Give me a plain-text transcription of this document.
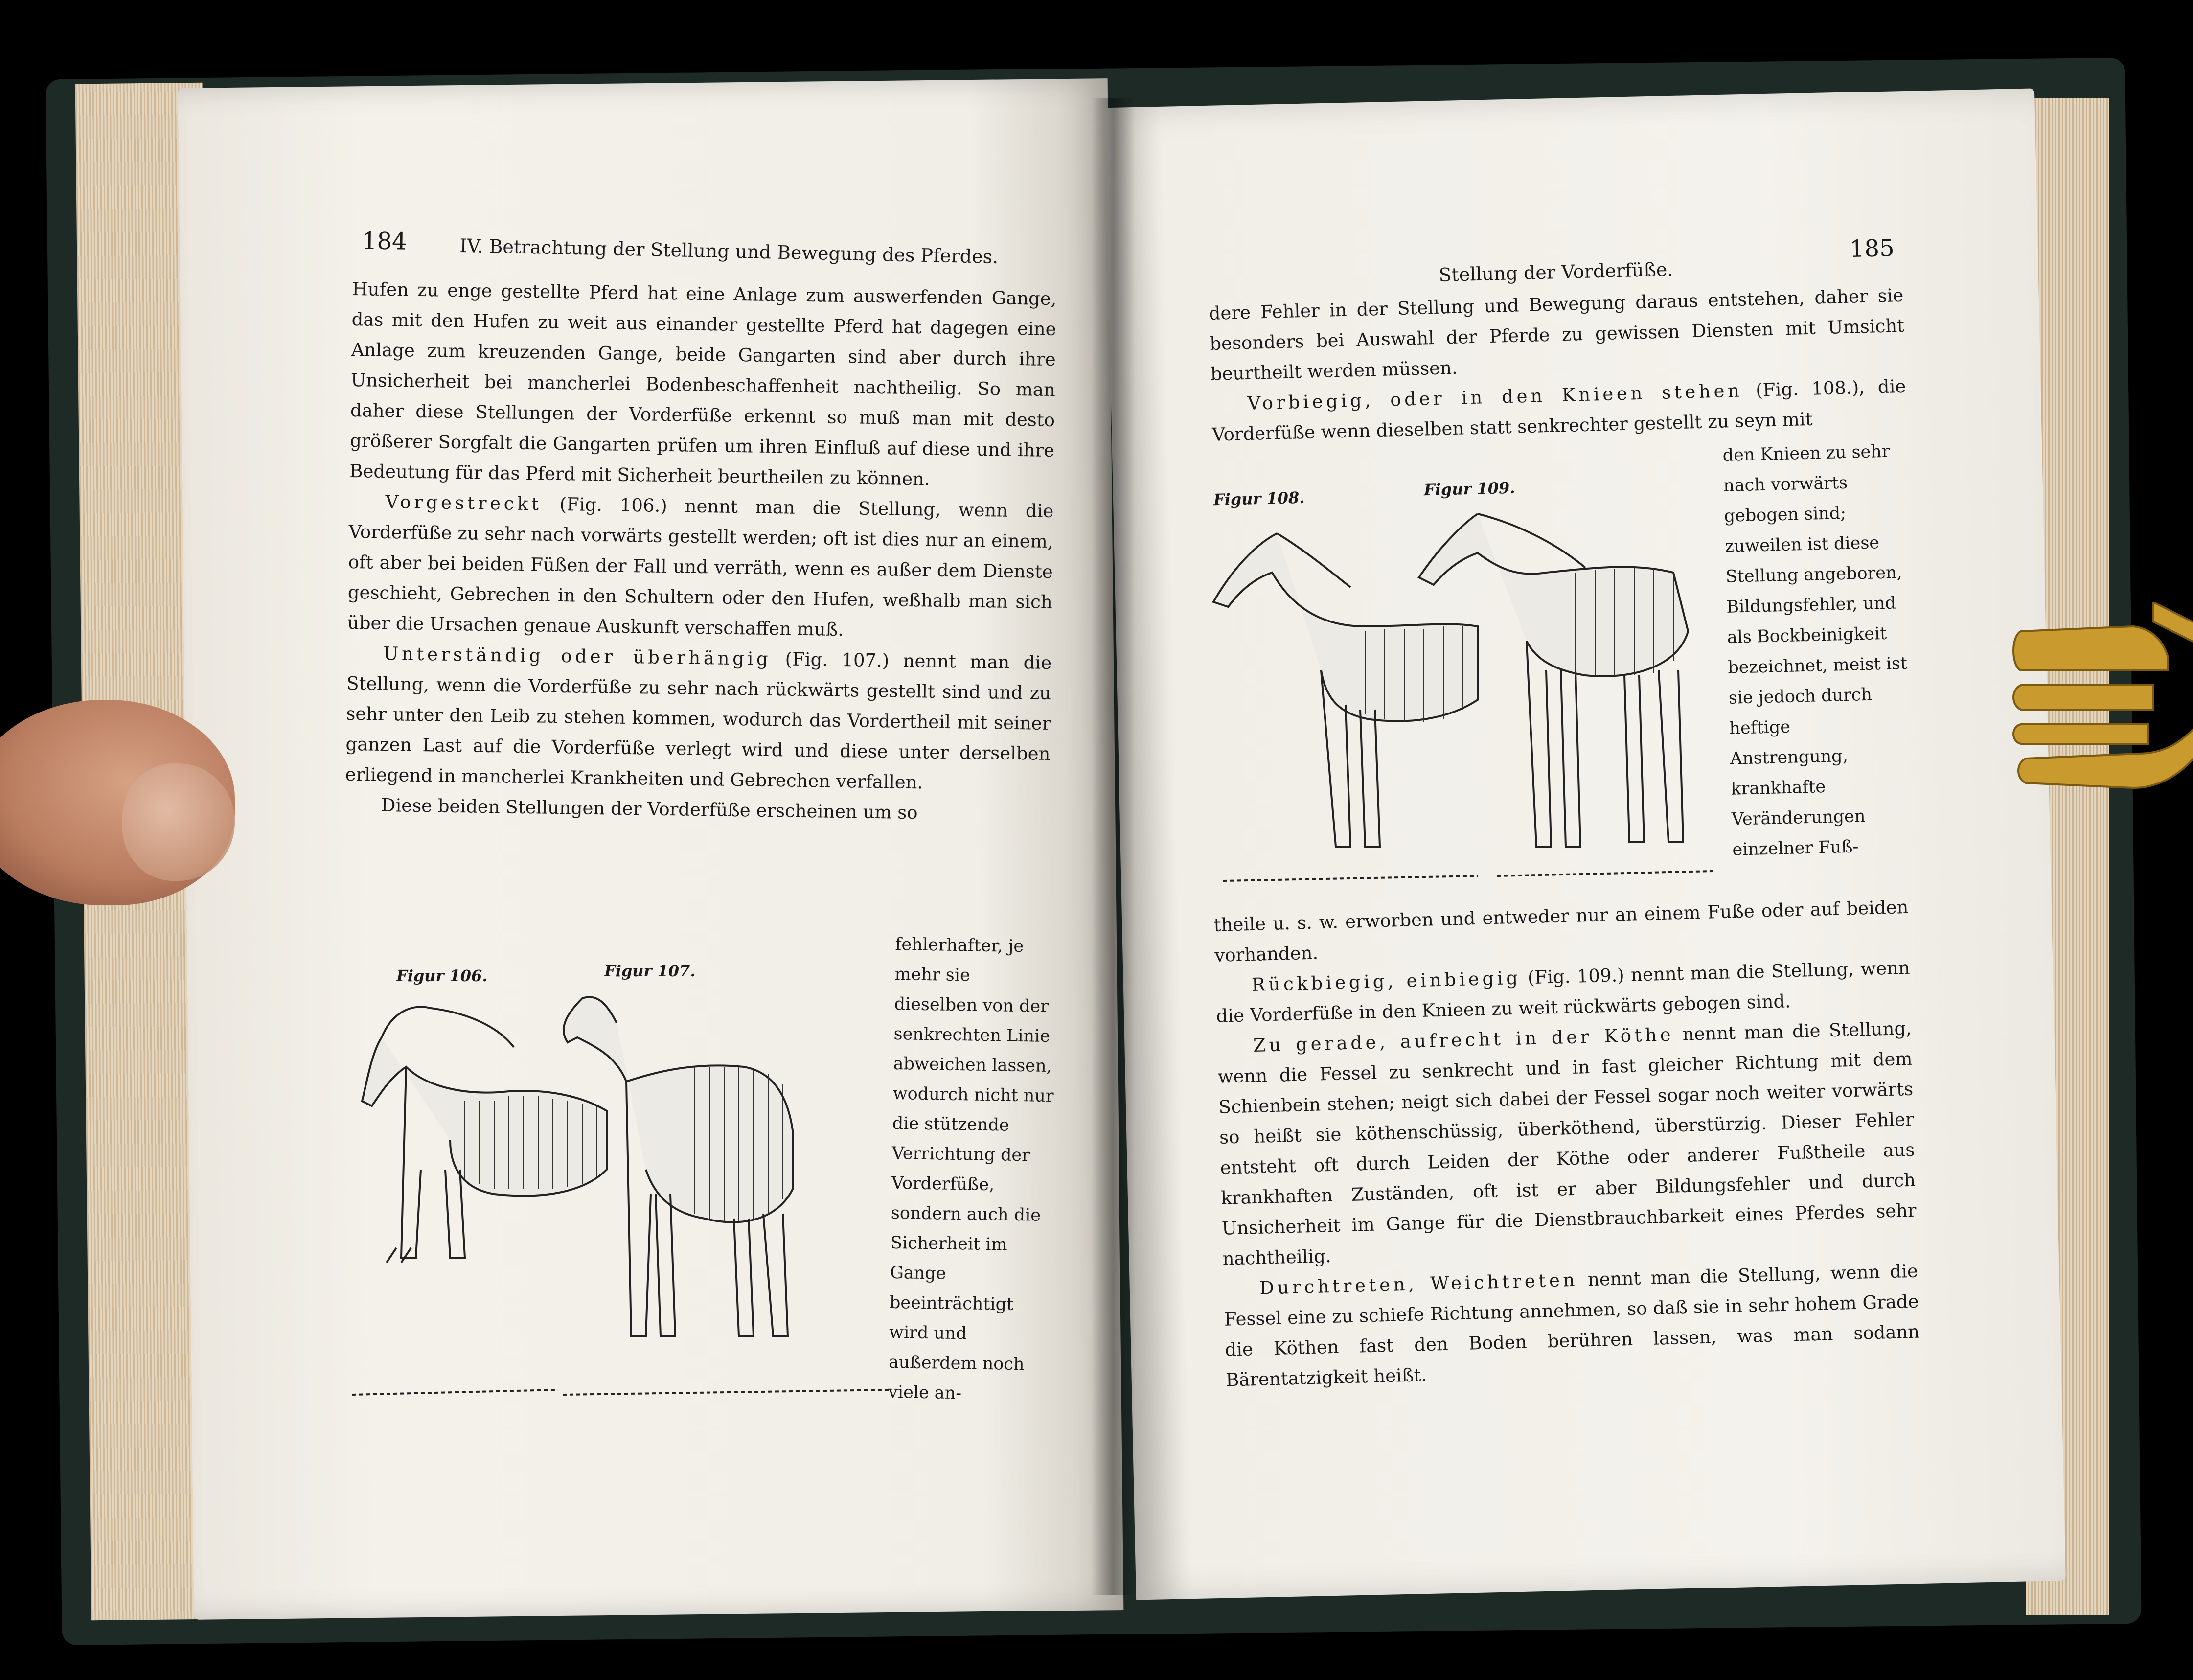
184	IV. Betrachtung der Stellung und Bewegung des Pferdes.

Hufen zu enge gestellte Pferd hat eine Anlage zum auswerfenden Gange, das mit den Hufen zu weit aus einander gestellte Pferd hat dagegen eine Anlage zum kreuzenden Gange, beide Gangarten sind aber durch ihre Unsicherheit bei mancherlei Bodenbeschaffenheit nachtheilig. So man daher diese Stellungen der Vorderfüße erkennt so muß man mit desto größerer Sorgfalt die Gangarten prüfen um ihren Einfluß auf diese und ihre Bedeutung für das Pferd mit Sicherheit beurtheilen zu können.

Vorgestreckt (Fig. 106.) nennt man die Stellung, wenn die Vorderfüße zu sehr nach vorwärts gestellt werden; oft ist dies nur an einem, oft aber bei beiden Füßen der Fall und verräth, wenn es außer dem Dienste geschieht, Gebrechen in den Schultern oder den Hufen, weßhalb man sich über die Ursachen genaue Auskunft verschaffen muß.

Unterständig oder überhängig (Fig. 107.) nennt man die Stellung, wenn die Vorderfüße zu sehr nach rückwärts gestellt sind und zu sehr unter den Leib zu stehen kommen, wodurch das Vordertheil mit seiner ganzen Last auf die Vorderfüße verlegt wird und diese unter derselben erliegend in mancherlei Krankheiten und Gebrechen verfallen.

Diese beiden Stellungen der Vorderfüße erscheinen um so

Figur 106.	Figur 107.
fehlerhafter, je mehr sie dieselben von der senkrechten Linie abweichen lassen, wodurch nicht nur die stützende Verrichtung der Vorderfüße, sondern auch die Sicherheit im Gange beeinträchtigt wird und außerdem noch viele an-
Stellung der Vorderfüße.
185

dere Fehler in der Stellung und Bewegung daraus entstehen, daher sie besonders bei Auswahl der Pferde zu gewissen Diensten mit Umsicht beurtheilt werden müssen.

Vorbiegig, oder in den Knieen stehen (Fig. 108.), die Vorderfüße wenn dieselben statt senkrechter gestellt zu seyn mit

Figur 108.	Figur 109.
den Knieen zu sehr nach vorwärts gebogen sind; zuweilen ist diese Stellung angeboren, Bildungsfehler, und als Bockbeinigkeit bezeichnet, meist ist sie jedoch durch heftige Anstrengung, krankhafte Veränderungen einzelner Fuß-

theile u. s. w. erworben und entweder nur an einem Fuße oder auf beiden vorhanden.

Rückbiegig, einbiegig (Fig. 109.) nennt man die Stellung, wenn die Vorderfüße in den Knieen zu weit rückwärts gebogen sind.

Zu gerade, aufrecht in der Köthe nennt man die Stellung, wenn die Fessel zu senkrecht und in fast gleicher Richtung mit dem Schienbein stehen; neigt sich dabei der Fessel sogar noch weiter vorwärts so heißt sie köthenschüssig, überköthend, überstürzig. Dieser Fehler entsteht oft durch Leiden der Köthe oder anderer Fußtheile aus krankhaften Zuständen, oft ist er aber Bildungsfehler und durch Unsicherheit im Gange für die Dienstbrauchbarkeit eines Pferdes sehr nachtheilig.

Durchtreten, Weichtreten nennt man die Stellung, wenn die Fessel eine zu schiefe Richtung annehmen, so daß sie in sehr hohem Grade die Köthen fast den Boden berühren lassen, was man sodann Bärentatzigkeit heißt.
